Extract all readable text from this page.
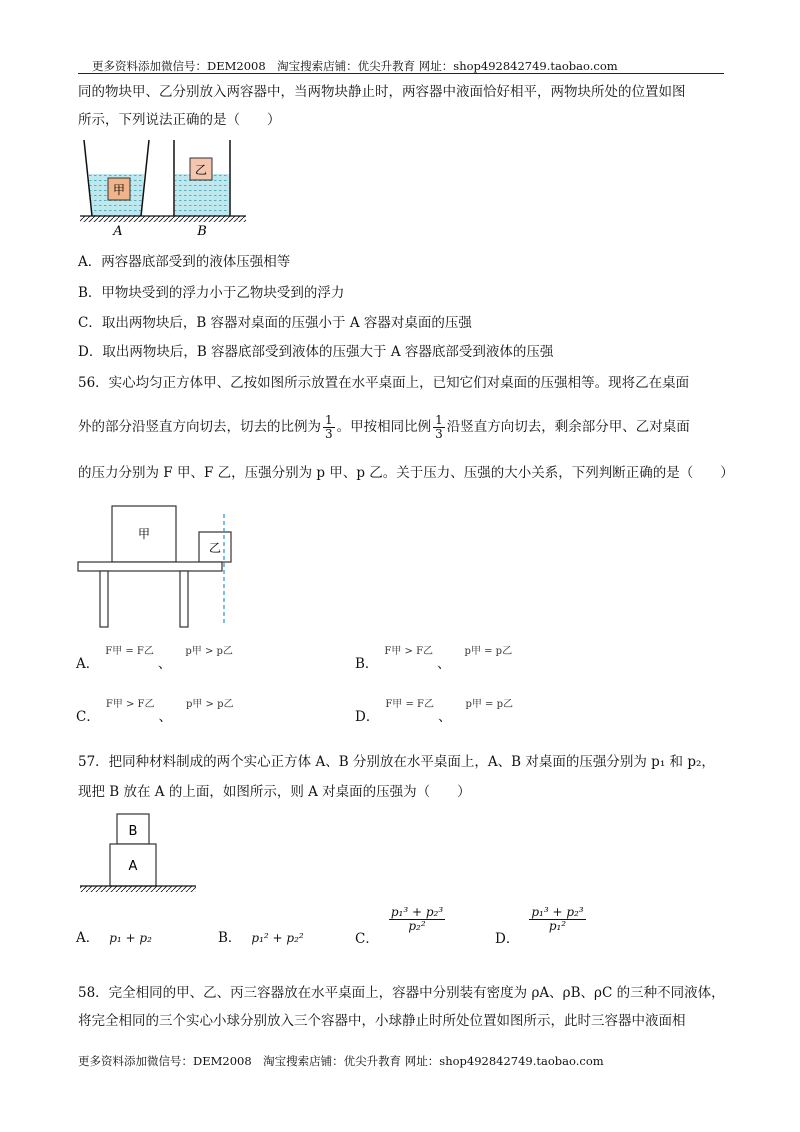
更多资料添加微信号：DEM2008　淘宝搜索店铺：优尖升教育 网址：shop492842749.taobao.com
同的物块甲、乙分别放入两容器中，当两物块静止时，两容器中液面恰好相平，两物块所处的位置如图
所示，下列说法正确的是（　　）
甲
乙
A	B
A．两容器底部受到的液体压强相等
B．甲物块受到的浮力小于乙物块受到的浮力
C．取出两物块后，B 容器对桌面的压强小于 A 容器对桌面的压强
D．取出两物块后，B 容器底部受到液体的压强大于 A 容器底部受到液体的压强
56．实心均匀正方体甲、乙按如图所示放置在水平桌面上，已知它们对桌面的压强相等。现将乙在桌面
外的部分沿竖直方向切去，切去的比例为 $\frac{1}{3}$ 。甲按相同比例 $\frac{1}{3}$ 沿竖直方向切去，剩余部分甲、乙对桌面
的压力分别为 F 甲、F 乙，压强分别为 p 甲、p 乙。关于压力、压强的大小关系，下列判断正确的是（　　）
甲
乙
A．$^{F甲 = F乙}$、$^{p甲 > p乙}$
B．$^{F甲 > F乙}$、$^{p甲 = p乙}$
C．$^{F甲 > F乙}$、$^{p甲 > p乙}$
D．$^{F甲 = F乙}$、$^{p甲 = p乙}$
57．把同种材料制成的两个实心正方体 A、B 分别放在水平桌面上，A、B 对桌面的压强分别为 p₁ 和 p₂，
现把 B 放在 A 的上面，如图所示，则 A 对桌面的压强为（　　）
B
A
A． p₁ + p₂	B． p₁² + p₂²	C．
$\frac{\text{p₁³ + p₂³}}{\text{p₂²}}$
D．
$\frac{\text{p₁³ + p₂³}}{\text{p₁²}}$
58．完全相同的甲、乙、丙三容器放在水平桌面上，容器中分别装有密度为 ρA、ρB、ρC 的三种不同液体，
将完全相同的三个实心小球分别放入三个容器中，小球静止时所处位置如图所示，此时三容器中液面相
更多资料添加微信号：DEM2008　淘宝搜索店铺：优尖升教育 网址：shop492842749.taobao.com
